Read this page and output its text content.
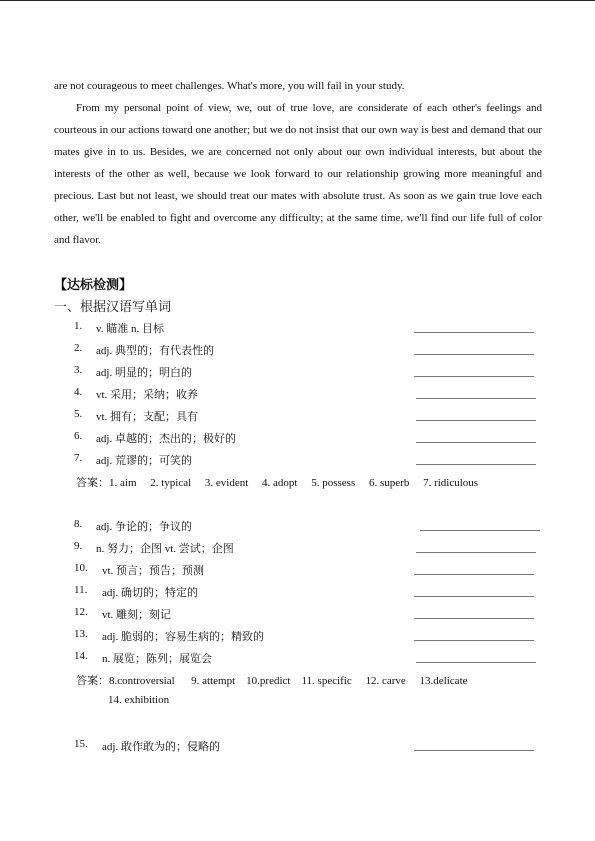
are not courageous to meet challenges. What's more, you will fail in your study.

From my personal point of view, we, out of true love, are considerate of each other's feelings and courteous in our actions toward one another; but we do not insist that our own way is best and demand that our mates give in to us. Besides, we are concerned not only about our own individual interests, but about the interests of the other as well, because we look forward to our relationship growing more meaningful and precious. Last but not least, we should treat our mates with absolute trust. As soon as we gain true love each other, we'll be enabled to fight and overcome any difficulty; at the same time, we'll find our life full of color and flavor.

【达标检测】
一、根据汉语写单词
1. v. 瞄准 n. 目标
2. adj. 典型的；有代表性的
3. adj. 明显的；明白的
4. vt. 采用；采纳；收养
5. vt. 拥有；支配；具有
6. adj. 卓越的；杰出的；极好的
7. adj. 荒谬的；可笑的
答案：1. aim     2. typical     3. evident     4. adopt     5. possess     6. superb     7. ridiculous
8. adj. 争论的；争议的
9. n. 努力；企图 vt. 尝试；企图
10. vt. 预言；预告；预测
11. adj. 确切的；特定的
12. vt. 雕刻；刻记
13. adj. 脆弱的；容易生病的；精致的
14. n. 展览；陈列；展览会
答案：8.controversial      9. attempt    10.predict    11. specific     12. carve     13.delicate
14. exhibition
15. adj. 敢作敢为的；侵略的
